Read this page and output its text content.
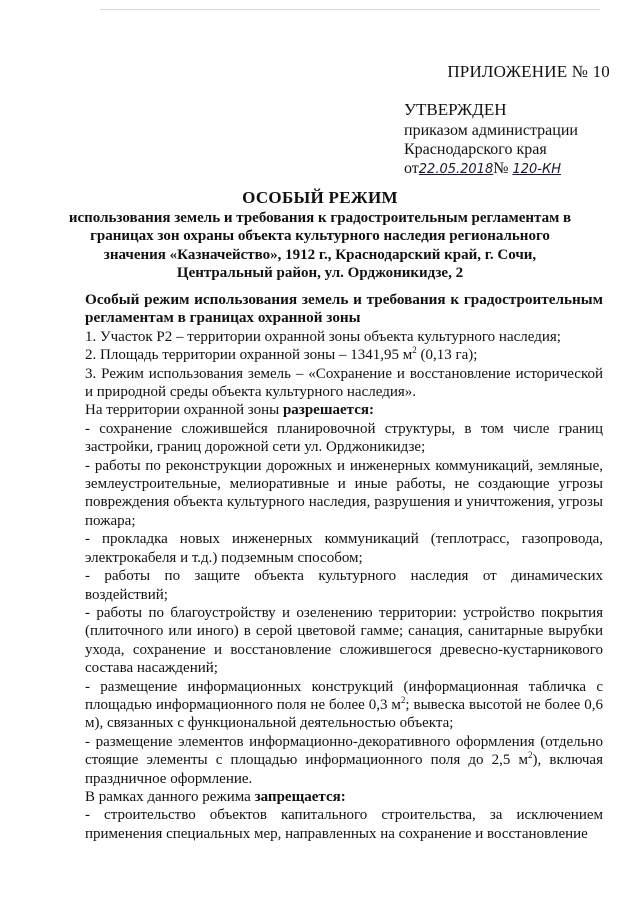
ПРИЛОЖЕНИЕ № 10
УТВЕРЖДЕН
приказом администрации
Краснодарского края
от22.05.2018№ 120-КН
ОСОБЫЙ РЕЖИМ
использования земель и требования к градостроительным регламентам в границах зон охраны объекта культурного наследия регионального значения «Казначейство», 1912 г., Краснодарский край, г. Сочи, Центральный район, ул. Орджоникидзе, 2

Особый режим использования земель и требования к градостроительным регламентам в границах охранной зоны

1. Участок Р2 – территории охранной зоны объекта культурного наследия;

2. Площадь территории охранной зоны – 1341,95 $м^2$ (0,13 га);

3. Режим использования земель – «Сохранение и восстановление исторической и природной среды объекта культурного наследия».

На территории охранной зоны разрешается:

- сохранение сложившейся планировочной структуры, в том числе границ застройки, границ дорожной сети ул. Орджоникидзе;

- работы по реконструкции дорожных и инженерных коммуникаций, земляные, землеустроительные, мелиоративные и иные работы, не создающие угрозы повреждения объекта культурного наследия, разрушения и уничтожения, угрозы пожара;

- прокладка новых инженерных коммуникаций (теплотрасс, газопровода, электрокабеля и т.д.) подземным способом;

- работы по защите объекта культурного наследия от динамических воздействий;

- работы по благоустройству и озеленению территории: устройство покрытия (плиточного или иного) в серой цветовой гамме; санация, санитарные вырубки ухода, сохранение и восстановление сложившегося древесно-кустарникового состава насаждений;

- размещение информационных конструкций (информационная табличка с площадью информационного поля не более 0,3 $м^2$; вывеска высотой не более 0,6 м), связанных с функциональной деятельностью объекта;

- размещение элементов информационно-декоративного оформления (отдельно стоящие элементы с площадью информационного поля до 2,5 $м^2$), включая праздничное оформление.

В рамках данного режима запрещается:

- строительство объектов капитального строительства, за исключением применения специальных мер, направленных на сохранение и восстановление
